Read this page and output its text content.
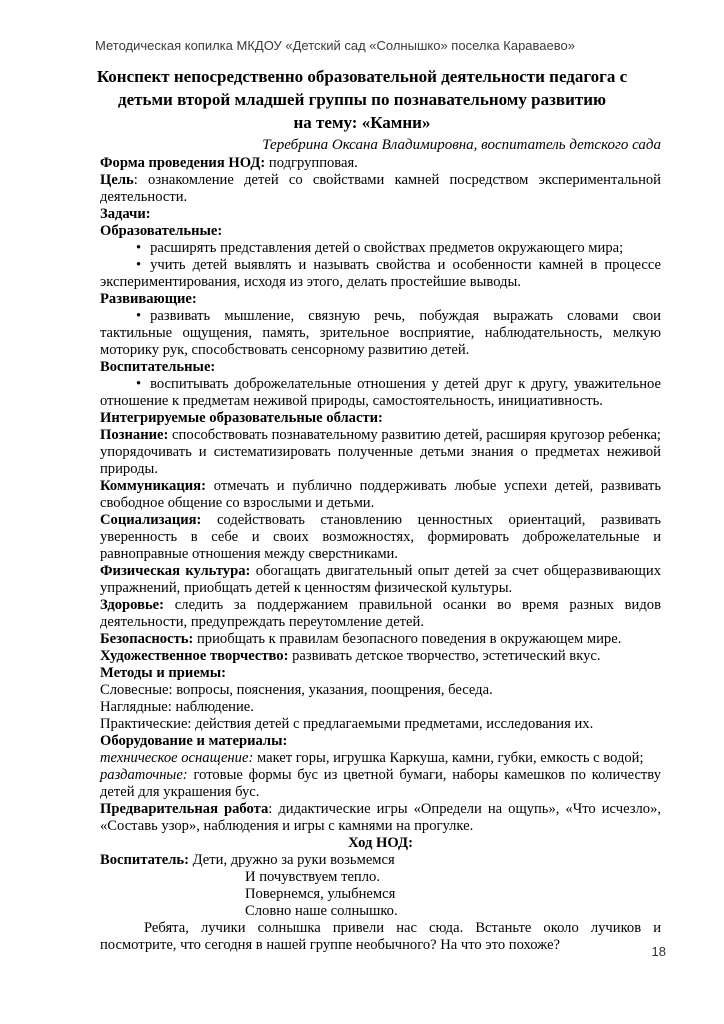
Методическая копилка МКДОУ «Детский сад «Солнышко» поселка Караваево»
Конспект непосредственно образовательной деятельности педагога с
детьми второй младшей группы по познавательному развитию
на тему: «Камни»
Теребрина Оксана Владимировна, воспитатель детского сада

Форма проведения НОД: подгрупповая.

Цель: ознакомление детей со свойствами камней посредством экспериментальной деятельности.

Задачи:

Образовательные:

• расширять представления детей о свойствах предметов окружающего мира;

• учить детей выявлять и называть свойства и особенности камней в процессе экспериментирования, исходя из этого, делать простейшие выводы.

Развивающие:

• развивать мышление, связную речь, побуждая выражать словами свои тактильные ощущения, память, зрительное восприятие, наблюдательность, мелкую моторику рук, способствовать сенсорному развитию детей.

Воспитательные:

• воспитывать доброжелательные отношения у детей друг к другу, уважительное отношение к предметам неживой природы, самостоятельность, инициативность.

Интегрируемые образовательные области:

Познание: способствовать познавательному развитию детей, расширяя кругозор ребенка; упорядочивать и систематизировать полученные детьми знания о предметах неживой природы.

Коммуникация: отмечать и публично поддерживать любые успехи детей, развивать свободное общение со взрослыми и детьми.

Социализация: содействовать становлению ценностных ориентаций, развивать уверенность в себе и своих возможностях, формировать доброжелательные и равноправные отношения между сверстниками.

Физическая культура: обогащать двигательный опыт детей за счет общеразвивающих упражнений, приобщать детей к ценностям физической культуры.

Здоровье: следить за поддержанием правильной осанки во время разных видов деятельности, предупреждать переутомление детей.

Безопасность: приобщать к правилам безопасного поведения в окружающем мире.

Художественное творчество: развивать детское творчество, эстетический вкус.

Методы и приемы:

Словесные: вопросы, пояснения, указания, поощрения, беседа.

Наглядные: наблюдение.

Практические: действия детей с предлагаемыми предметами, исследования их.

Оборудование и материалы:

техническое оснащение: макет горы, игрушка Каркуша, камни, губки, емкость с водой;

раздаточные: готовые формы бус из цветной бумаги, наборы камешков по количеству детей для украшения бус.

Предварительная работа: дидактические игры «Определи на ощупь», «Что исчезло», «Составь узор», наблюдения и игры с камнями на прогулке.

Ход НОД:

Воспитатель: Дети, дружно за руки возьмемся

И почувствуем тепло.

Повернемся, улыбнемся

Словно наше солнышко.

Ребята, лучики солнышка привели нас сюда. Встаньте около лучиков и посмотрите, что сегодня в нашей группе необычного? На что это похоже?	18
